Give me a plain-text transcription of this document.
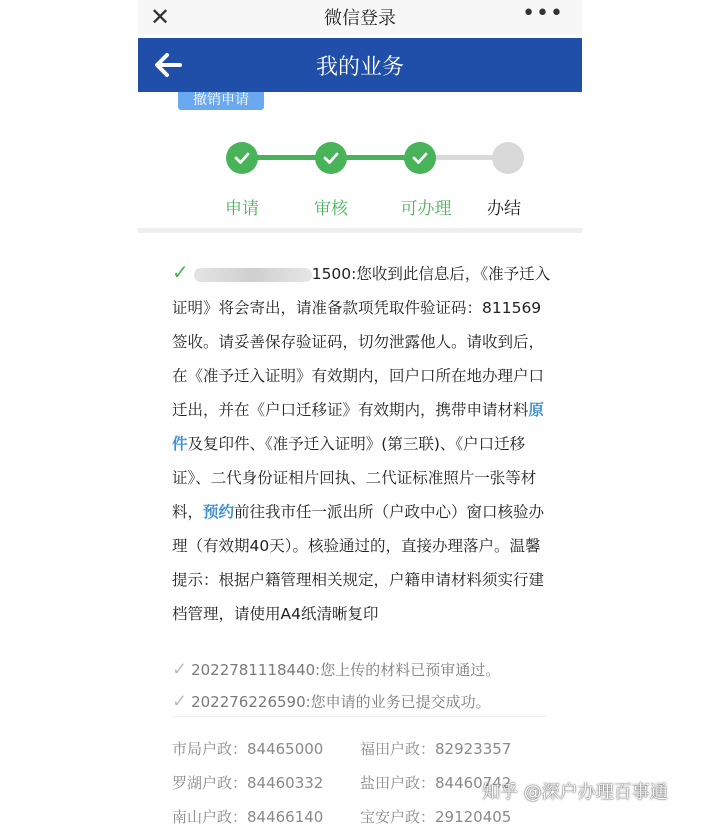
✕	微信登录	•••
我的业务
撤销申请
申请	审核	可办理	办结
✓	1500:您收到此信息后，《准予迁入证明》将会寄出，请准备款项凭取件验证码：811569签收。请妥善保存验证码，切勿泄露他人。请收到后，在《准予迁入证明》有效期内，回户口所在地办理户口迁出，并在《户口迁移证》有效期内，携带申请材料原件及复印件、《准予迁入证明》(第三联)、《户口迁移证》、二代身份证相片回执、二代证标准照片一张等材料，预约前往我市任一派出所（户政中心）窗口核验办理（有效期40天）。核验通过的，直接办理落户。温馨提示：根据户籍管理相关规定，户籍申请材料须实行建档管理，请使用A4纸清晰复印
✓ 202278111844​0:您上传的材料已预审通过。
✓ 202276226590:您申请的业务已提交成功。
市局户政：84465000	福田户政：82923357
罗湖户政：84460332	盐田户政：84460742
南山户政：84466140	宝安户政：29120405
知乎 @深户办理百事通
